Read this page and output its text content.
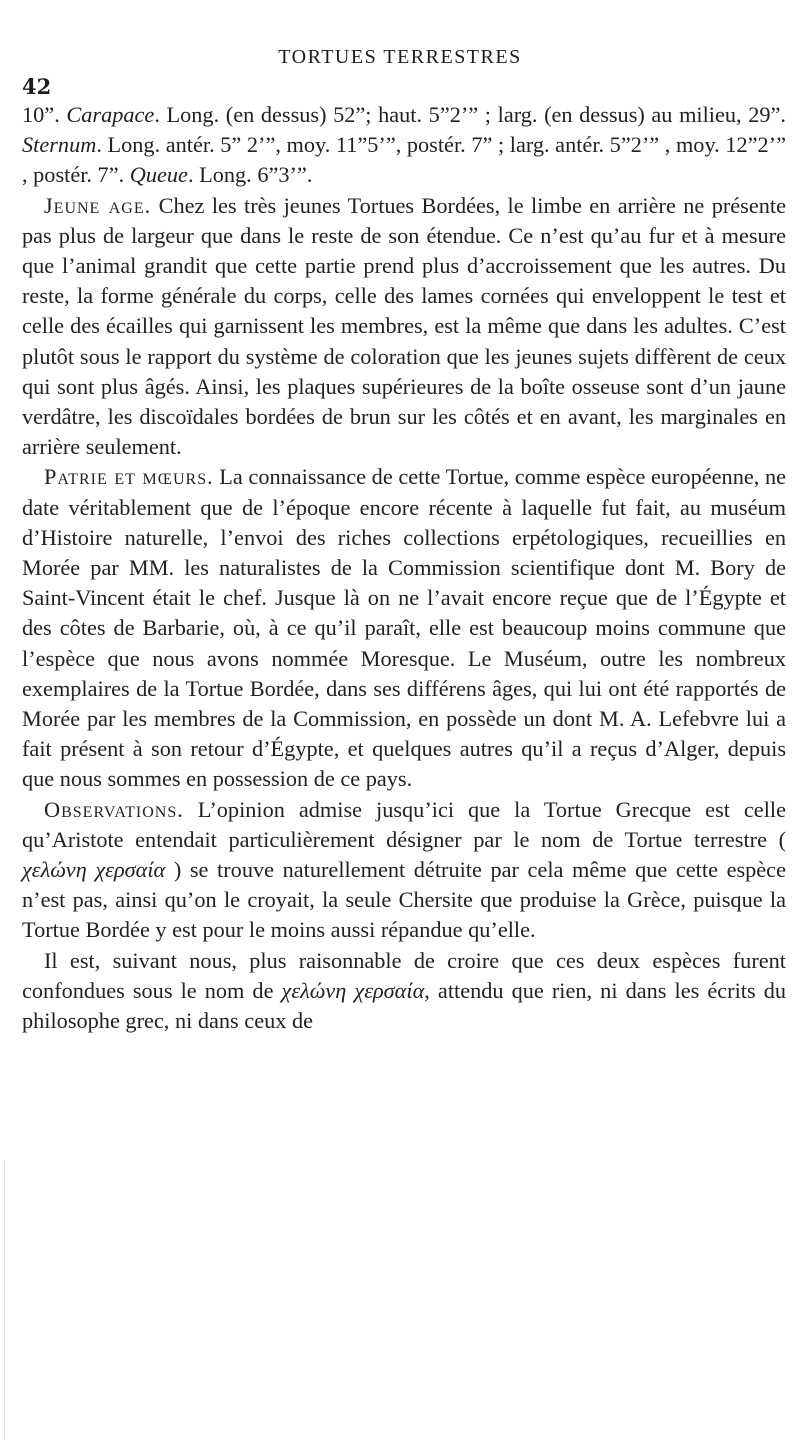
42
TORTUES TERRESTRES

10”. Carapace. Long. (en dessus) 52”; haut. 5”2’” ; larg. (en dessus) au milieu, 29”. Sternum. Long. antér. 5” 2’”, moy. 11”5’”, postér. 7” ; larg. antér. 5”2’” , moy. 12”2’” , postér. 7”. Queue. Long. 6”3’”.

Jeune age. Chez les très jeunes Tortues Bordées, le limbe en arrière ne présente pas plus de largeur que dans le reste de son étendue. Ce n’est qu’au fur et à mesure que l’animal grandit que cette partie prend plus d’accroissement que les autres. Du reste, la forme générale du corps, celle des lames cornées qui enveloppent le test et celle des écailles qui garnissent les membres, est la même que dans les adultes. C’est plutôt sous le rapport du système de coloration que les jeunes sujets diffèrent de ceux qui sont plus âgés. Ainsi, les plaques supérieures de la boîte osseuse sont d’un jaune verdâtre, les discoïdales bordées de brun sur les côtés et en avant, les marginales en arrière seulement.

Patrie et mœurs. La connaissance de cette Tortue, comme espèce européenne, ne date véritablement que de l’époque encore récente à laquelle fut fait, au muséum d’Histoire naturelle, l’envoi des riches collections erpétologiques, recueillies en Morée par MM. les naturalistes de la Commission scientifique dont M. Bory de Saint-Vincent était le chef. Jusque là on ne l’avait encore reçue que de l’Égypte et des côtes de Barbarie, où, à ce qu’il paraît, elle est beaucoup moins commune que l’espèce que nous avons nommée Moresque. Le Muséum, outre les nombreux exemplaires de la Tortue Bordée, dans ses différens âges, qui lui ont été rapportés de Morée par les membres de la Commission, en possède un dont M. A. Lefebvre lui a fait présent à son retour d’Égypte, et quelques autres qu’il a reçus d’Alger, depuis que nous sommes en possession de ce pays.

Observations. L’opinion admise jusqu’ici que la Tortue Grecque est celle qu’Aristote entendait particulièrement désigner par le nom de Tortue terrestre ( χελώνη χερσαία ) se trouve naturellement détruite par cela même que cette espèce n’est pas, ainsi qu’on le croyait, la seule Chersite que produise la Grèce, puisque la Tortue Bordée y est pour le moins aussi répandue qu’elle.

Il est, suivant nous, plus raisonnable de croire que ces deux espèces furent confondues sous le nom de χελώνη χερσαία, attendu que rien, ni dans les écrits du philosophe grec, ni dans ceux de
